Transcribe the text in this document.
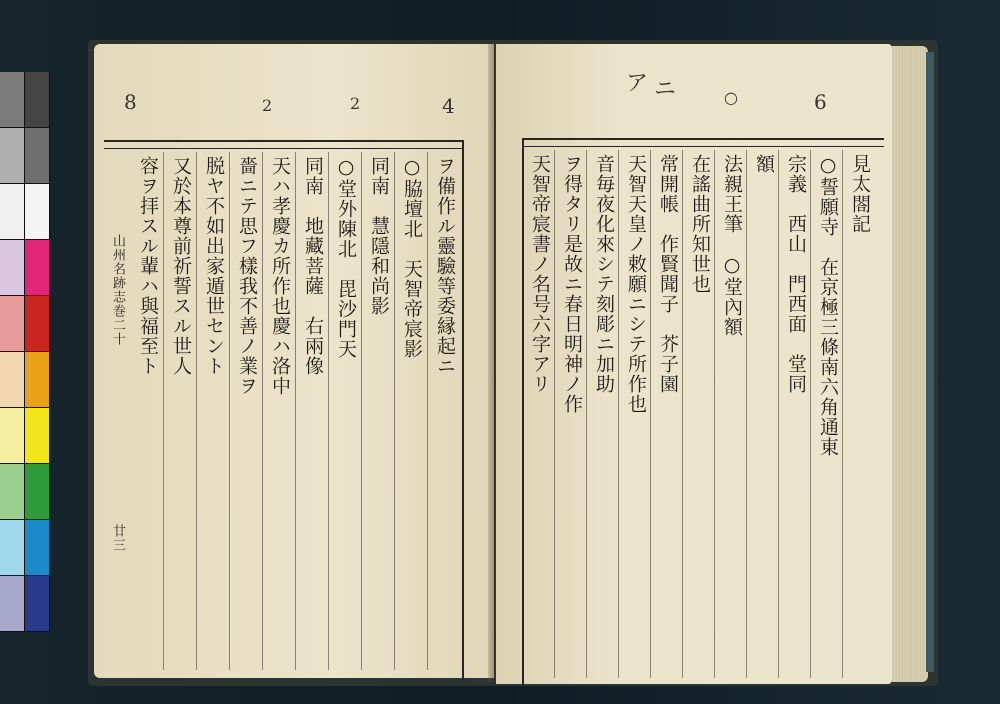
8	2	2	4
山州名跡志巻二十
廿三
容ヲ拝スル輩ハ與福至ト 又於本尊前祈誓スル世人 脱ヤ不如出家遁世セント 嗇ニテ思フ樣我不善ノ業ヲ 天ハ孝慶カ所作也慶ハ洛中 同南　地藏菩薩　右兩像 ○堂外陳北　毘沙門天 同南　慧隱和尚影 ○脇壇北　天智帝宸影 ヲ備作ル靈驗等委縁起ニ
ア ニ	○	6
天智帝宸書ノ名号六字アリ ヲ得タリ是故ニ春日明神ノ作 音毎夜化來シテ刻彫ニ加助 天智天皇ノ敕願ニシテ所作也 常開帳　作賢聞子　芥子園 在謠曲所知世也 法親王筆　○堂內額 額 宗義　西山　門西面　堂同 ○誓願寺　在京極三條南六角通東 見太閤記
